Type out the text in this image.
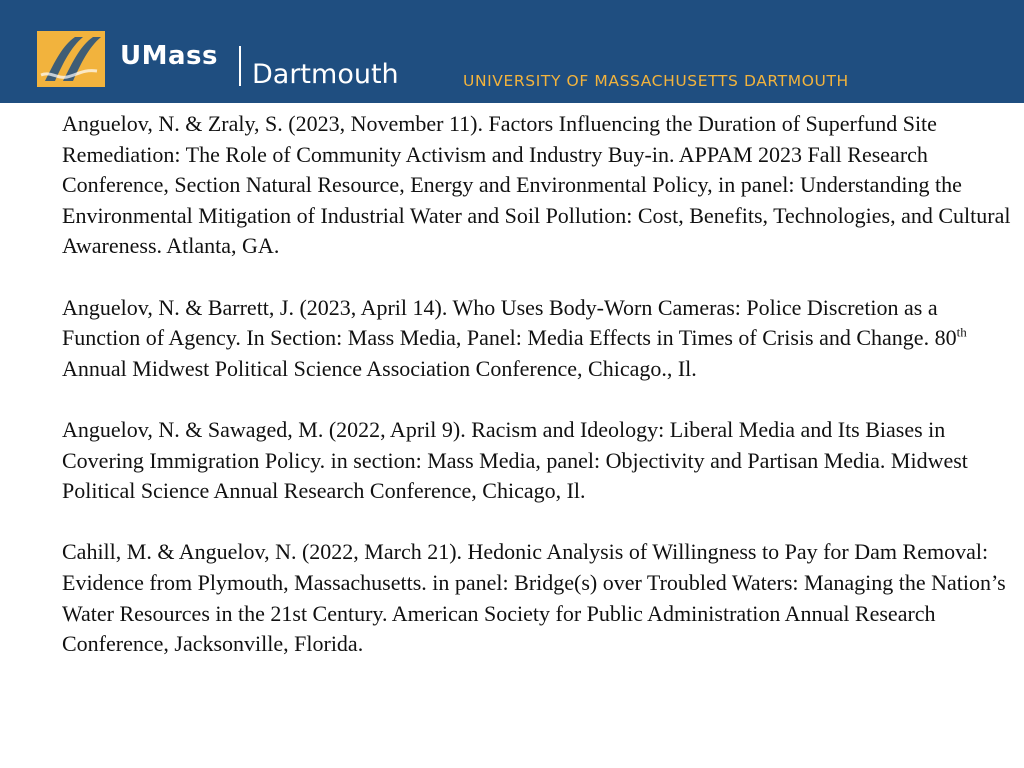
UMass
Dartmouth	UNIVERSITY OF MASSACHUSETTS DARTMOUTH

Anguelov, N. & Zraly, S. (2023, November 11). Factors Influencing the Duration of Superfund Site Remediation: The Role of Community Activism and Industry Buy-in. APPAM 2023 Fall Research Conference, Section Natural Resource, Energy and Environmental Policy, in panel: Understanding the Environmental Mitigation of Industrial Water and Soil Pollution: Cost, Benefits, Technologies, and Cultural Awareness. Atlanta, GA.

Anguelov, N. & Barrett, J. (2023, April 14). Who Uses Body-Worn Cameras: Police Discretion as a Function of Agency. In Section: Mass Media, Panel: Media Effects in Times of Crisis and Change. 80th Annual Midwest Political Science Association Conference, Chicago., Il.

Anguelov, N. & Sawaged, M. (2022, April 9). Racism and Ideology: Liberal Media and Its Biases in Covering Immigration Policy. in section: Mass Media, panel: Objectivity and Partisan Media. Midwest Political Science Annual Research Conference, Chicago, Il.

Cahill, M. & Anguelov, N. (2022, March 21). Hedonic Analysis of Willingness to Pay for Dam Removal: Evidence from Plymouth, Massachusetts. in panel: Bridge(s) over Troubled Waters: Managing the Nation’s Water Resources in the 21st Century. American Society for Public Administration Annual Research Conference, Jacksonville, Florida.
